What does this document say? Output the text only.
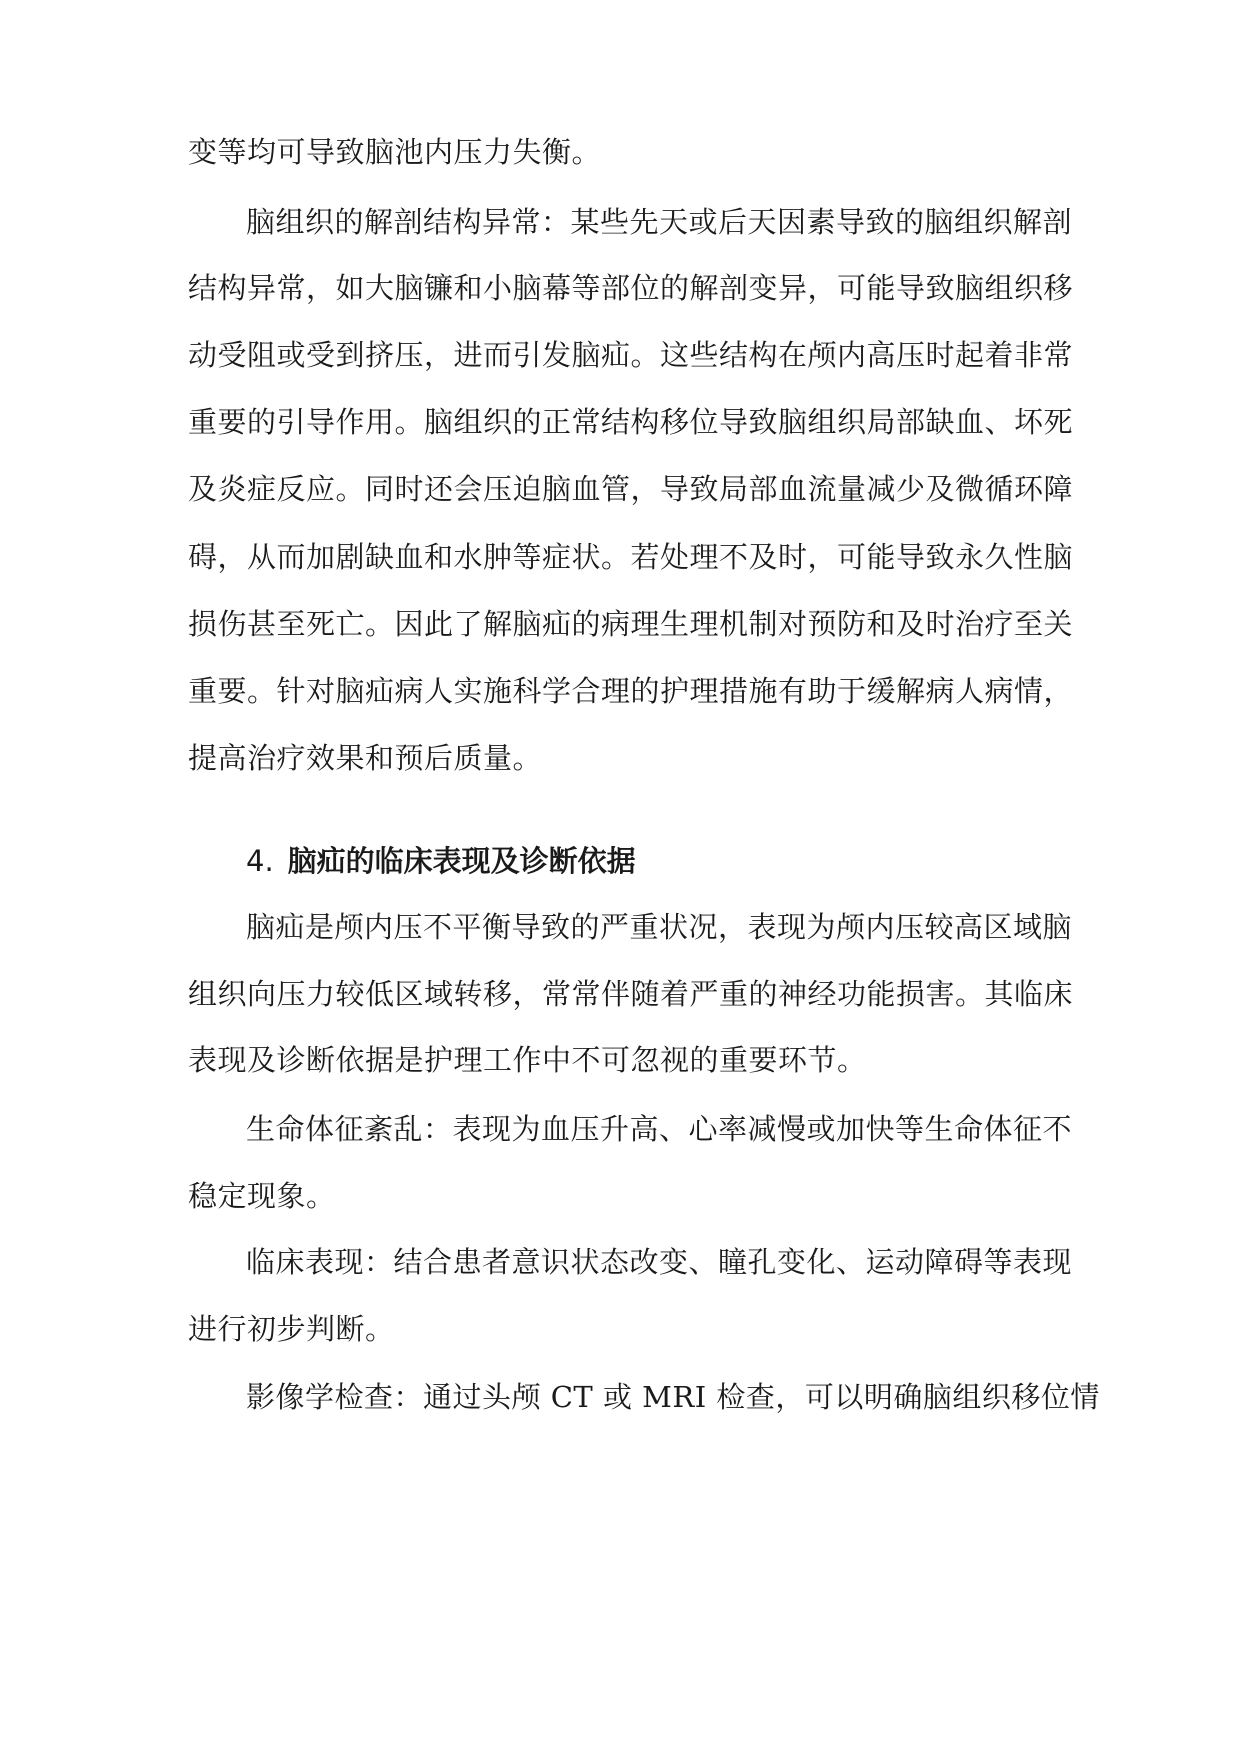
变等均可导致脑池内压力失衡。
脑组织的解剖结构异常：某些先天或后天因素导致的脑组织解剖
结构异常，如大脑镰和小脑幕等部位的解剖变异，可能导致脑组织移
动受阻或受到挤压，进而引发脑疝。这些结构在颅内高压时起着非常
重要的引导作用。脑组织的正常结构移位导致脑组织局部缺血、坏死
及炎症反应。同时还会压迫脑血管，导致局部血流量减少及微循环障
碍，从而加剧缺血和水肿等症状。若处理不及时，可能导致永久性脑
损伤甚至死亡。因此了解脑疝的病理生理机制对预防和及时治疗至关
重要。针对脑疝病人实施科学合理的护理措施有助于缓解病人病情，
提高治疗效果和预后质量。
4. 脑疝的临床表现及诊断依据
脑疝是颅内压不平衡导致的严重状况，表现为颅内压较高区域脑
组织向压力较低区域转移，常常伴随着严重的神经功能损害。其临床
表现及诊断依据是护理工作中不可忽视的重要环节。
生命体征紊乱：表现为血压升高、心率减慢或加快等生命体征不
稳定现象。
临床表现：结合患者意识状态改变、瞳孔变化、运动障碍等表现
进行初步判断。
影像学检查：通过头颅 CT 或 MRI 检查，可以明确脑组织移位情
